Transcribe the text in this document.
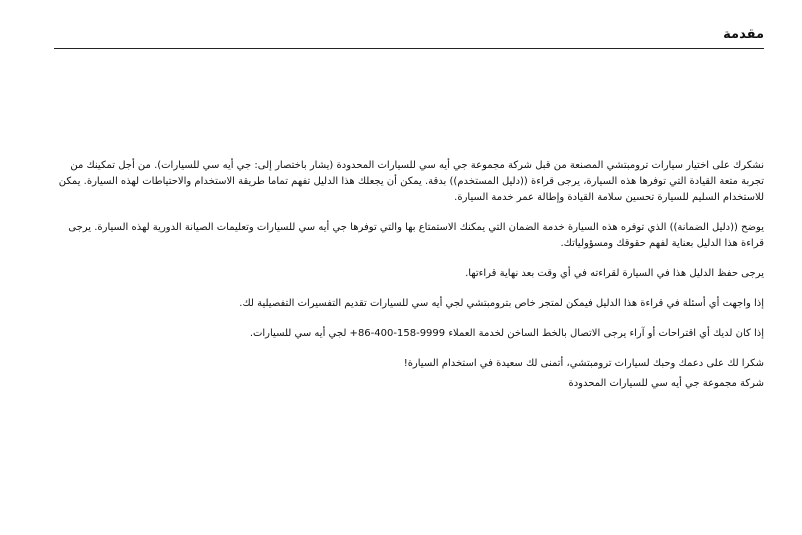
مقدمة

نشكرك على اختيار سيارات ترومبتشي المصنعة من قبل شركة مجموعة جي أيه سي للسيارات المحدودة (يشار باختصار إلى: جي أيه سي للسيارات). من أجل تمكينك من تجربة متعة القيادة التي توفرها هذه السيارة، يرجى قراءة ((دليل المستخدم)) بدقة. يمكن أن يجعلك هذا الدليل تفهم تماما طريقة الاستخدام والاحتياطات لهذه السيارة. يمكن للاستخدام السليم للسيارة تحسين سلامة القيادة وإطالة عمر خدمة السيارة.

يوضح ((دليل الضمانة)) الذي توفره هذه السيارة خدمة الضمان التي يمكنك الاستمتاع بها والتي توفرها جي أيه سي للسيارات وتعليمات الصيانة الدورية لهذه السيارة. يرجى قراءة هذا الدليل بعناية لفهم حقوقك ومسؤولياتك.

يرجى حفظ الدليل هذا في السيارة لقراءته في أي وقت بعد نهاية قراءتها.

إذا واجهت أي أسئلة في قراءة هذا الدليل فيمكن لمتجر خاص بترومبتشي لجي أيه سي للسيارات تقديم التفسيرات التفصيلية لك.

إذا كان لديك أي اقتراحات أو آراء يرجى الاتصال بالخط الساخن لخدمة العملاء 9999-158-400-86+ لجي أيه سي للسيارات.

شكرا لك على دعمك وحبك لسيارات ترومبتشي، أتمنى لك سعيدة في استخدام السيارة!

شركة مجموعة جي أيه سي للسيارات المحدودة
